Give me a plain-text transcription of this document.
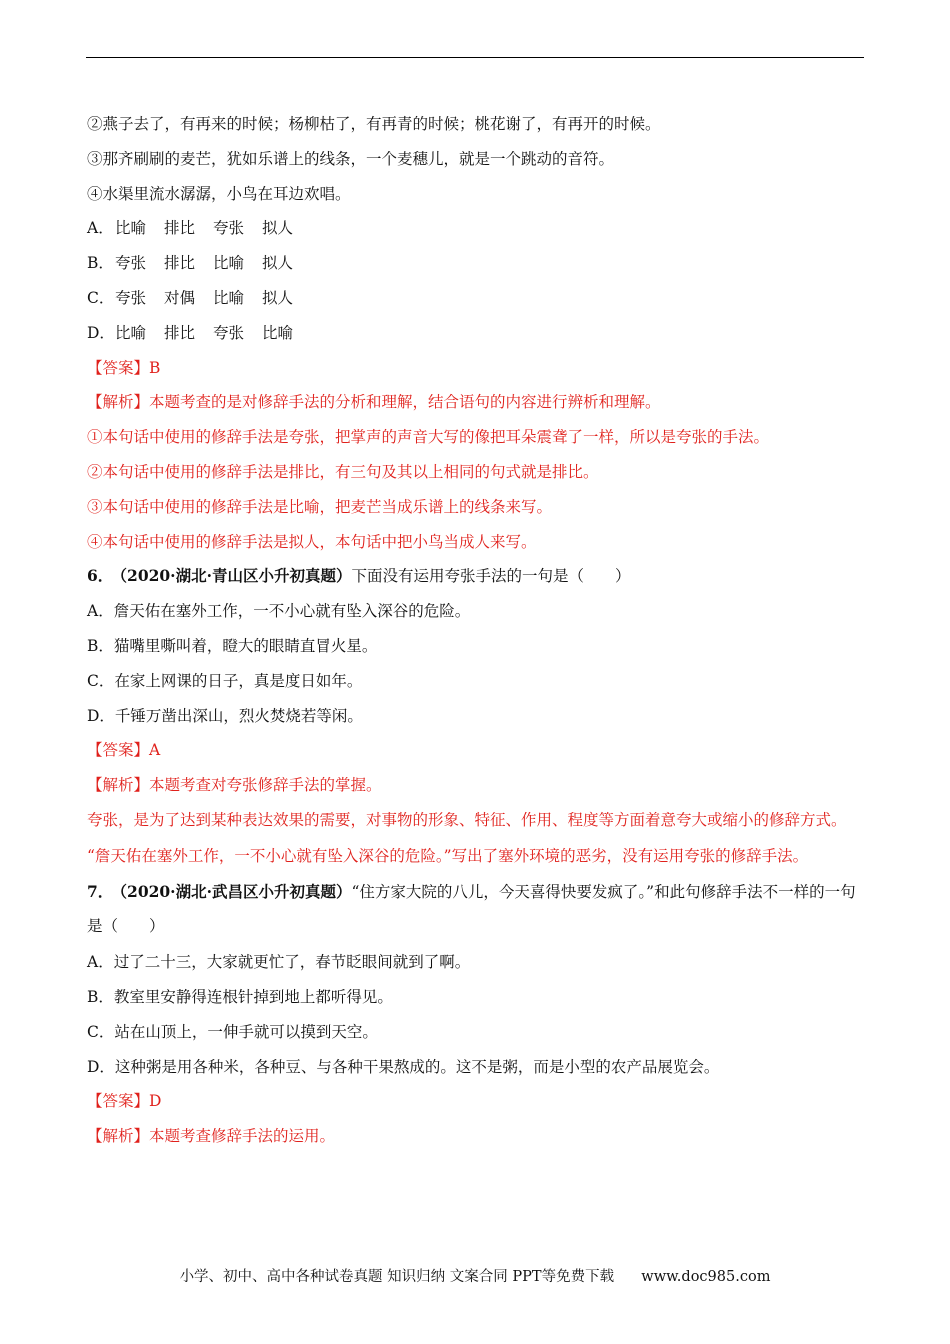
②燕子去了，有再来的时候；杨柳枯了，有再青的时候；桃花谢了，有再开的时候。
③那齐刷刷的麦芒，犹如乐谱上的线条，一个麦穗儿，就是一个跳动的音符。
④水渠里流水潺潺，小鸟在耳边欢唱。
A．比喻 排比 夸张 拟人
B．夸张 排比 比喻 拟人
C．夸张 对偶 比喻 拟人
D．比喻 排比 夸张 比喻
【答案】B
【解析】本题考查的是对修辞手法的分析和理解，结合语句的内容进行辨析和理解。
①本句话中使用的修辞手法是夸张，把掌声的声音大写的像把耳朵震聋了一样，所以是夸张的手法。
②本句话中使用的修辞手法是排比，有三句及其以上相同的句式就是排比。
③本句话中使用的修辞手法是比喻，把麦芒当成乐谱上的线条来写。
④本句话中使用的修辞手法是拟人，本句话中把小鸟当成人来写。
6． （2020·湖北·青山区小升初真题）下面没有运用夸张手法的一句是（　　）
A．詹天佑在塞外工作，一不小心就有坠入深谷的危险。
B．猫嘴里嘶叫着，瞪大的眼睛直冒火星。
C．在家上网课的日子，真是度日如年。
D．千锤万凿出深山，烈火焚烧若等闲。
【答案】A
【解析】本题考查对夸张修辞手法的掌握。
夸张，是为了达到某种表达效果的需要，对事物的形象、特征、作用、程度等方面着意夸大或缩小的修辞方式。
“詹天佑在塞外工作，一不小心就有坠入深谷的危险。”写出了塞外环境的恶劣，没有运用夸张的修辞手法。
7． （2020·湖北·武昌区小升初真题）“住方家大院的八儿，今天喜得快要发疯了。”和此句修辞手法不一样的一句是（　　）
A．过了二十三，大家就更忙了，春节眨眼间就到了啊。
B．教室里安静得连根针掉到地上都听得见。
C．站在山顶上，一伸手就可以摸到天空。
D．这种粥是用各种米，各种豆、与各种干果熬成的。这不是粥，而是小型的农产品展览会。
【答案】D
【解析】本题考查修辞手法的运用。
小学、初中、高中各种试卷真题 知识归纳 文案合同 PPT等免费下载 www.doc985.com
